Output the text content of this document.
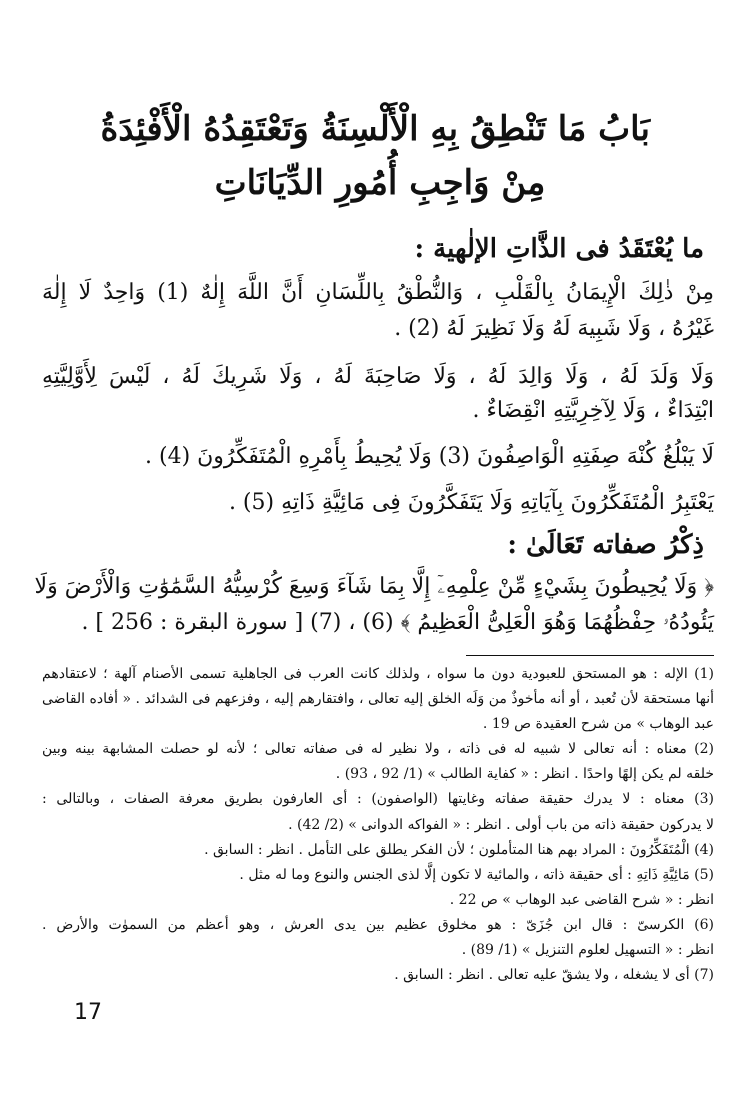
بَابُ مَا تَنْطِقُ بِهِ الْأَلْسِنَةُ وَتَعْتَقِدُهُ الْأَفْئِدَةُ
مِنْ وَاجِبِ أُمُورِ الدِّيَانَاتِ
ما يُعْتَقَدُ فى الذَّاتِ الإلٰهية :
مِنْ ذٰلِكَ الْإِيمَانُ بِالْقَلْبِ ، وَالنُّطْقُ بِاللِّسَانِ أَنَّ اللَّهَ إِلٰهٌ (1) وَاحِدٌ لَا إِلٰهَ
غَيْرُهُ ، وَلَا شَبِيهَ لَهُ وَلَا نَظِيرَ لَهُ (2) .
وَلَا وَلَدَ لَهُ ، وَلَا وَالِدَ لَهُ ، وَلَا صَاحِبَةَ لَهُ ، وَلَا شَرِيكَ لَهُ ، لَيْسَ لِأَوَّلِيَّتِهِ
ابْتِدَاءٌ ، وَلَا لِآخِرِيَّتِهِ انْقِضَاءٌ .
لَا يَبْلُغُ كُنْهَ صِفَتِهِ الْوَاصِفُونَ (3) وَلَا يُحِيطُ بِأَمْرِهِ الْمُتَفَكِّرُونَ (4) .
يَعْتَبِرُ الْمُتَفَكِّرُونَ بِآيَاتِهِ وَلَا يَتَفَكَّرُونَ فِى مَائِيَّةِ ذَاتِهِ (5) .
ذِكْرُ صفاته تَعَالَىٰ :
﴿ وَلَا يُحِيطُونَ بِشَيْءٍ مِّنْ عِلْمِهِۦٓ إِلَّا بِمَا شَآءَ وَسِعَ كُرْسِيُّهُ السَّمَٰوَٰتِ وَالْأَرْضَ وَلَا
يَئُودُهُۥ حِفْظُهُمَا وَهُوَ الْعَلِىُّ الْعَظِيمُ ﴾ (6) ، (7) [ سورة البقرة : 256 ] .
(1) الإله : هو المستحق للعبودية دون ما سواه ، ولذلك كانت العرب فى الجاهلية تسمى الأصنام آلهة ؛ لاعتقادهم
أنها مستحقة لأن تُعبد ، أو أنه مأخوذٌ من وَلَه الخلق إليه تعالى ، وافتقارهم إليه ، وفزعهم فى الشدائد . « أفاده القاضى
عبد الوهاب » من شرح العقيدة ص 19 .
(2) معناه : أنه تعالى لا شبيه له فى ذاته ، ولا نظير له فى صفاته تعالى ؛ لأنه لو حصلت المشابهة بينه وبين
خلقه لم يكن إلهًا واحدًا . انظر : « كفاية الطالب » (1/ 92 ، 93) .
(3) معناه : لا يدرك حقيقة صفاته وغايتها (الواصفون) : أى العارفون بطريق معرفة الصفات ، وبالتالى :
لا يدركون حقيقة ذاته من باب أولى . انظر : « الفواكه الدوانى » (2/ 42) .
(4) الْمُتَفَكِّرُونَ : المراد بهم هنا المتأملون ؛ لأن الفكر يطلق على التأمل . انظر : السابق .
(5) مَائِيَّةِ ذَاتِهِ : أى حقيقة ذاته ، والمائية لا تكون إلَّا لذى الجنس والنوع وما له مثل .
انظر : « شرح القاضى عبد الوهاب » ص 22 .
(6) الكرسىّ : قال ابن جُزَىّ : هو مخلوق عظيم بين يدى العرش ، وهو أعظم من السموٰت والأرض .
انظر : « التسهيل لعلوم التنزيل » (1/ 89) .
(7) أى لا يشغله ، ولا يشقّ عليه تعالى . انظر : السابق .
17
